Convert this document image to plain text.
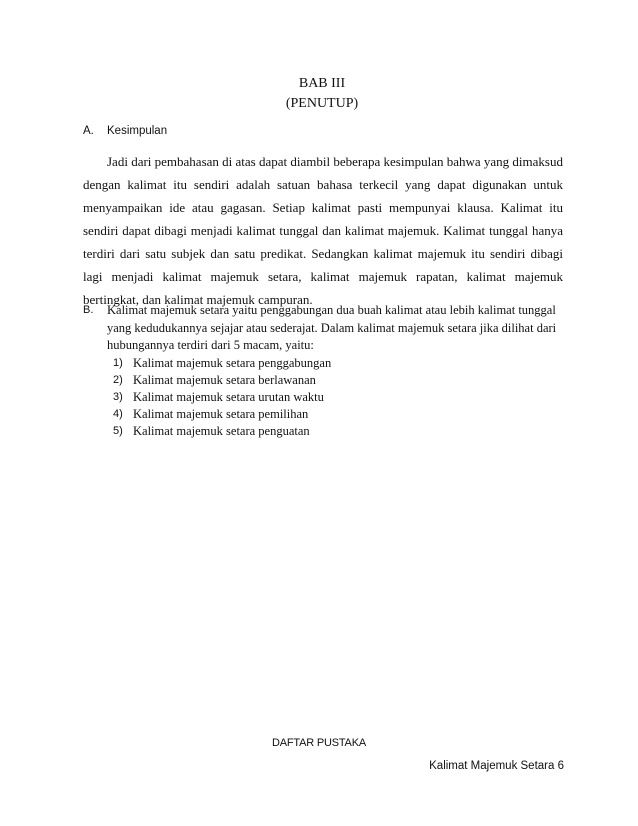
BAB III
(PENUTUP)
A. Kesimpulan

Jadi dari pembahasan di atas dapat diambil beberapa kesimpulan bahwa yang dimaksud dengan kalimat itu sendiri adalah satuan bahasa terkecil yang dapat digunakan untuk menyampaikan ide atau gagasan. Setiap kalimat pasti mempunyai klausa. Kalimat itu sendiri dapat dibagi menjadi kalimat tunggal dan kalimat majemuk. Kalimat tunggal hanya terdiri dari satu subjek dan satu predikat. Sedangkan kalimat majemuk itu sendiri dibagi lagi menjadi kalimat majemuk setara, kalimat majemuk rapatan, kalimat majemuk bertingkat, dan kalimat majemuk campuran.

B.	Kalimat majemuk setara yaitu penggabungan dua buah kalimat atau lebih kalimat tunggal yang kedudukannya sejajar atau sederajat. Dalam kalimat majemuk setara jika dilihat dari hubungannya terdiri dari 5 macam, yaitu:

1) Kalimat majemuk setara penggabungan
2) Kalimat majemuk setara berlawanan
3) Kalimat majemuk setara urutan waktu
4) Kalimat majemuk setara pemilihan
5) Kalimat majemuk setara penguatan
DAFTAR PUSTAKA
Kalimat Majemuk Setara 6
